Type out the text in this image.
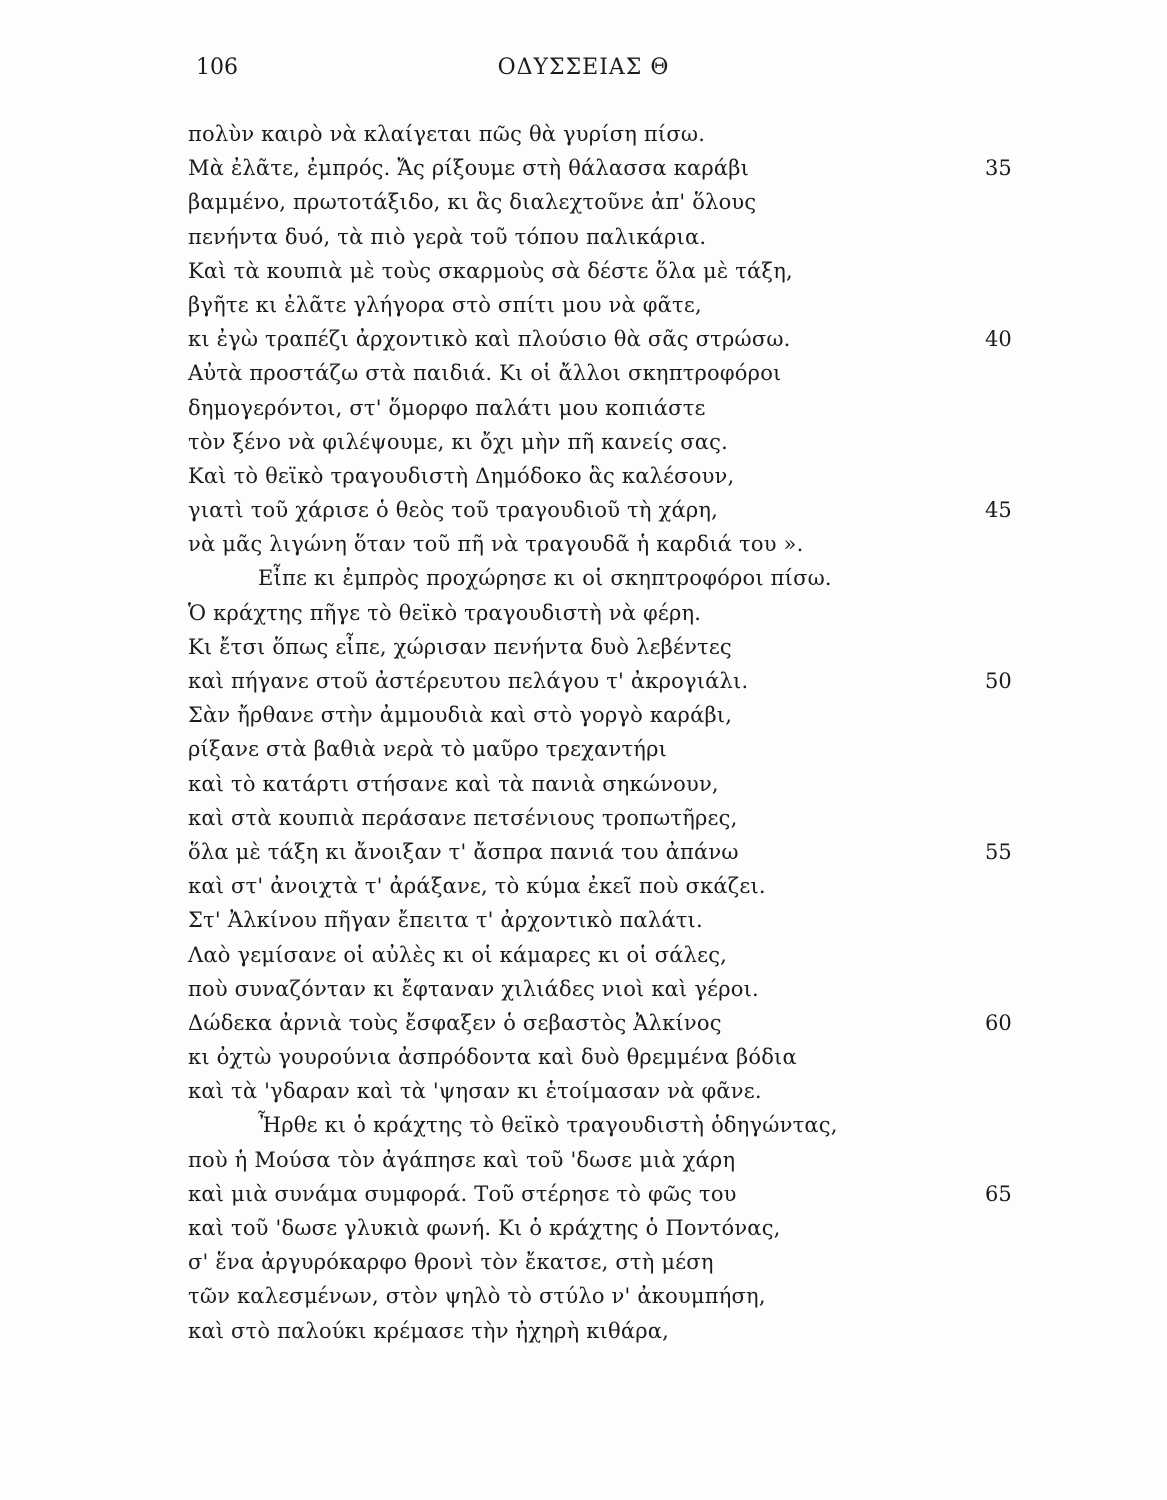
106	ΟΔΥΣΣΕΙΑΣ Θ
πολὺν καιρὸ νὰ κλαίγεται πῶς θὰ γυρίση πίσω.
Μὰ ἐλᾶτε, ἐμπρός. Ἄς ρίξουμε στὴ θάλασσα καράβι	35
βαμμένο, πρωτοτάξιδο, κι ἃς διαλεχτοῦνε ἀπ' ὅλους
πενήντα δυό, τὰ πιὸ γερὰ τοῦ τόπου παλικάρια.
Καὶ τὰ κουπιὰ μὲ τοὺς σκαρμοὺς σὰ δέστε ὅλα μὲ τάξη,
βγῆτε κι ἐλᾶτε γλήγορα στὸ σπίτι μου νὰ φᾶτε,
κι ἐγὼ τραπέζι ἀρχοντικὸ καὶ πλούσιο θὰ σᾶς στρώσω.	40
Αὐτὰ προστάζω στὰ παιδιά. Κι οἱ ἄλλοι σκηπτροφόροι
δημογερόντοι, στ' ὅμορφο παλάτι μου κοπιάστε
τὸν ξένο νὰ φιλέψουμε, κι ὄχι μὴν πῆ κανείς σας.
Καὶ τὸ θεϊκὸ τραγουδιστὴ Δημόδοκο ἃς καλέσουν,
γιατὶ τοῦ χάρισε ὁ θεὸς τοῦ τραγουδιοῦ τὴ χάρη,	45
νὰ μᾶς λιγώνη ὅταν τοῦ πῆ νὰ τραγουδᾶ ἡ καρδιά του ».
Εἶπε κι ἐμπρὸς προχώρησε κι οἱ σκηπτροφόροι πίσω.
Ὁ κράχτης πῆγε τὸ θεϊκὸ τραγουδιστὴ νὰ φέρη.
Κι ἔτσι ὅπως εἶπε, χώρισαν πενήντα δυὸ λεβέντες
καὶ πήγανε στοῦ ἀστέρευτου πελάγου τ' ἀκρογιάλι.	50
Σὰν ἤρθανε στὴν ἀμμουδιὰ καὶ στὸ γοργὸ καράβι,
ρίξανε στὰ βαθιὰ νερὰ τὸ μαῦρο τρεχαντήρι
καὶ τὸ κατάρτι στήσανε καὶ τὰ πανιὰ σηκώνουν,
καὶ στὰ κουπιὰ περάσανε πετσένιους τροπωτῆρες,
ὅλα μὲ τάξη κι ἄνοιξαν τ' ἄσπρα πανιά του ἀπάνω	55
καὶ στ' ἀνοιχτὰ τ' ἀράξανε, τὸ κύμα ἐκεῖ ποὺ σκάζει.
Στ' Ἀλκίνου πῆγαν ἔπειτα τ' ἀρχοντικὸ παλάτι.
Λαὸ γεμίσανε οἱ αὐλὲς κι οἱ κάμαρες κι οἱ σάλες,
ποὺ συναζόνταν κι ἔφταναν χιλιάδες νιοὶ καὶ γέροι.
Δώδεκα ἀρνιὰ τοὺς ἔσφαξεν ὁ σεβαστὸς Ἀλκίνος	60
κι ὀχτὼ γουρούνια ἀσπρόδοντα καὶ δυὸ θρεμμένα βόδια
καὶ τὰ 'γδαραν καὶ τὰ 'ψησαν κι ἑτοίμασαν νὰ φᾶνε.
Ἦρθε κι ὁ κράχτης τὸ θεϊκὸ τραγουδιστὴ ὁδηγώντας,
ποὺ ἡ Μούσα τὸν ἀγάπησε καὶ τοῦ 'δωσε μιὰ χάρη
καὶ μιὰ συνάμα συμφορά. Τοῦ στέρησε τὸ φῶς του	65
καὶ τοῦ 'δωσε γλυκιὰ φωνή. Κι ὁ κράχτης ὁ Ποντόνας,
σ' ἕνα ἀργυρόκαρφο θρονὶ τὸν ἔκατσε, στὴ μέση
τῶν καλεσμένων, στὸν ψηλὸ τὸ στύλο ν' ἀκουμπήση,
καὶ στὸ παλούκι κρέμασε τὴν ἠχηρὴ κιθάρα,
